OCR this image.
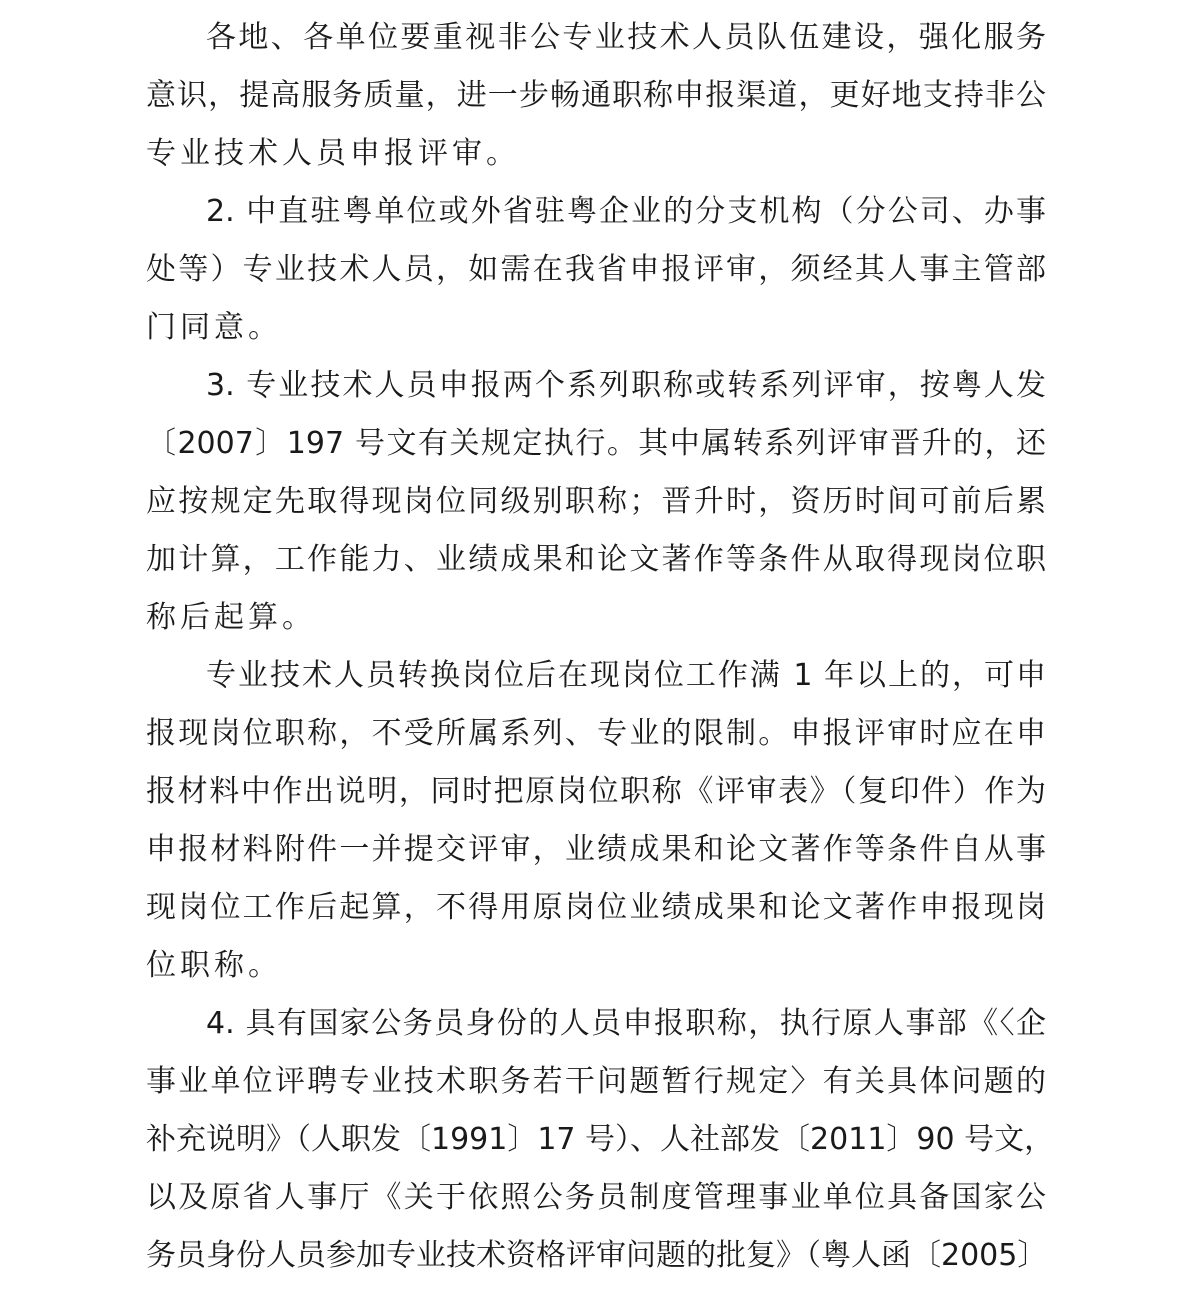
各地、各单位要重视非公专业技术人员队伍建设，强化服务
意识，提高服务质量，进一步畅通职称申报渠道，更好地支持非公
专业技术人员申报评审。
2. 中直驻粤单位或外省驻粤企业的分支机构（分公司、办事
处等）专业技术人员，如需在我省申报评审，须经其人事主管部
门同意。
3. 专业技术人员申报两个系列职称或转系列评审，按粤人发
〔2007〕197 号文有关规定执行。其中属转系列评审晋升的，还
应按规定先取得现岗位同级别职称；晋升时，资历时间可前后累
加计算，工作能力、业绩成果和论文著作等条件从取得现岗位职
称后起算。
专业技术人员转换岗位后在现岗位工作满 1 年以上的，可申
报现岗位职称，不受所属系列、专业的限制。申报评审时应在申
报材料中作出说明，同时把原岗位职称《评审表》（复印件）作为
申报材料附件一并提交评审，业绩成果和论文著作等条件自从事
现岗位工作后起算，不得用原岗位业绩成果和论文著作申报现岗
位职称。
4. 具有国家公务员身份的人员申报职称，执行原人事部《〈企
事业单位评聘专业技术职务若干问题暂行规定〉有关具体问题的
补充说明》（人职发〔1991〕17 号）、人社部发〔2011〕90 号文，
以及原省人事厅《关于依照公务员制度管理事业单位具备国家公
务员身份人员参加专业技术资格评审问题的批复》（粤人函〔2005〕
